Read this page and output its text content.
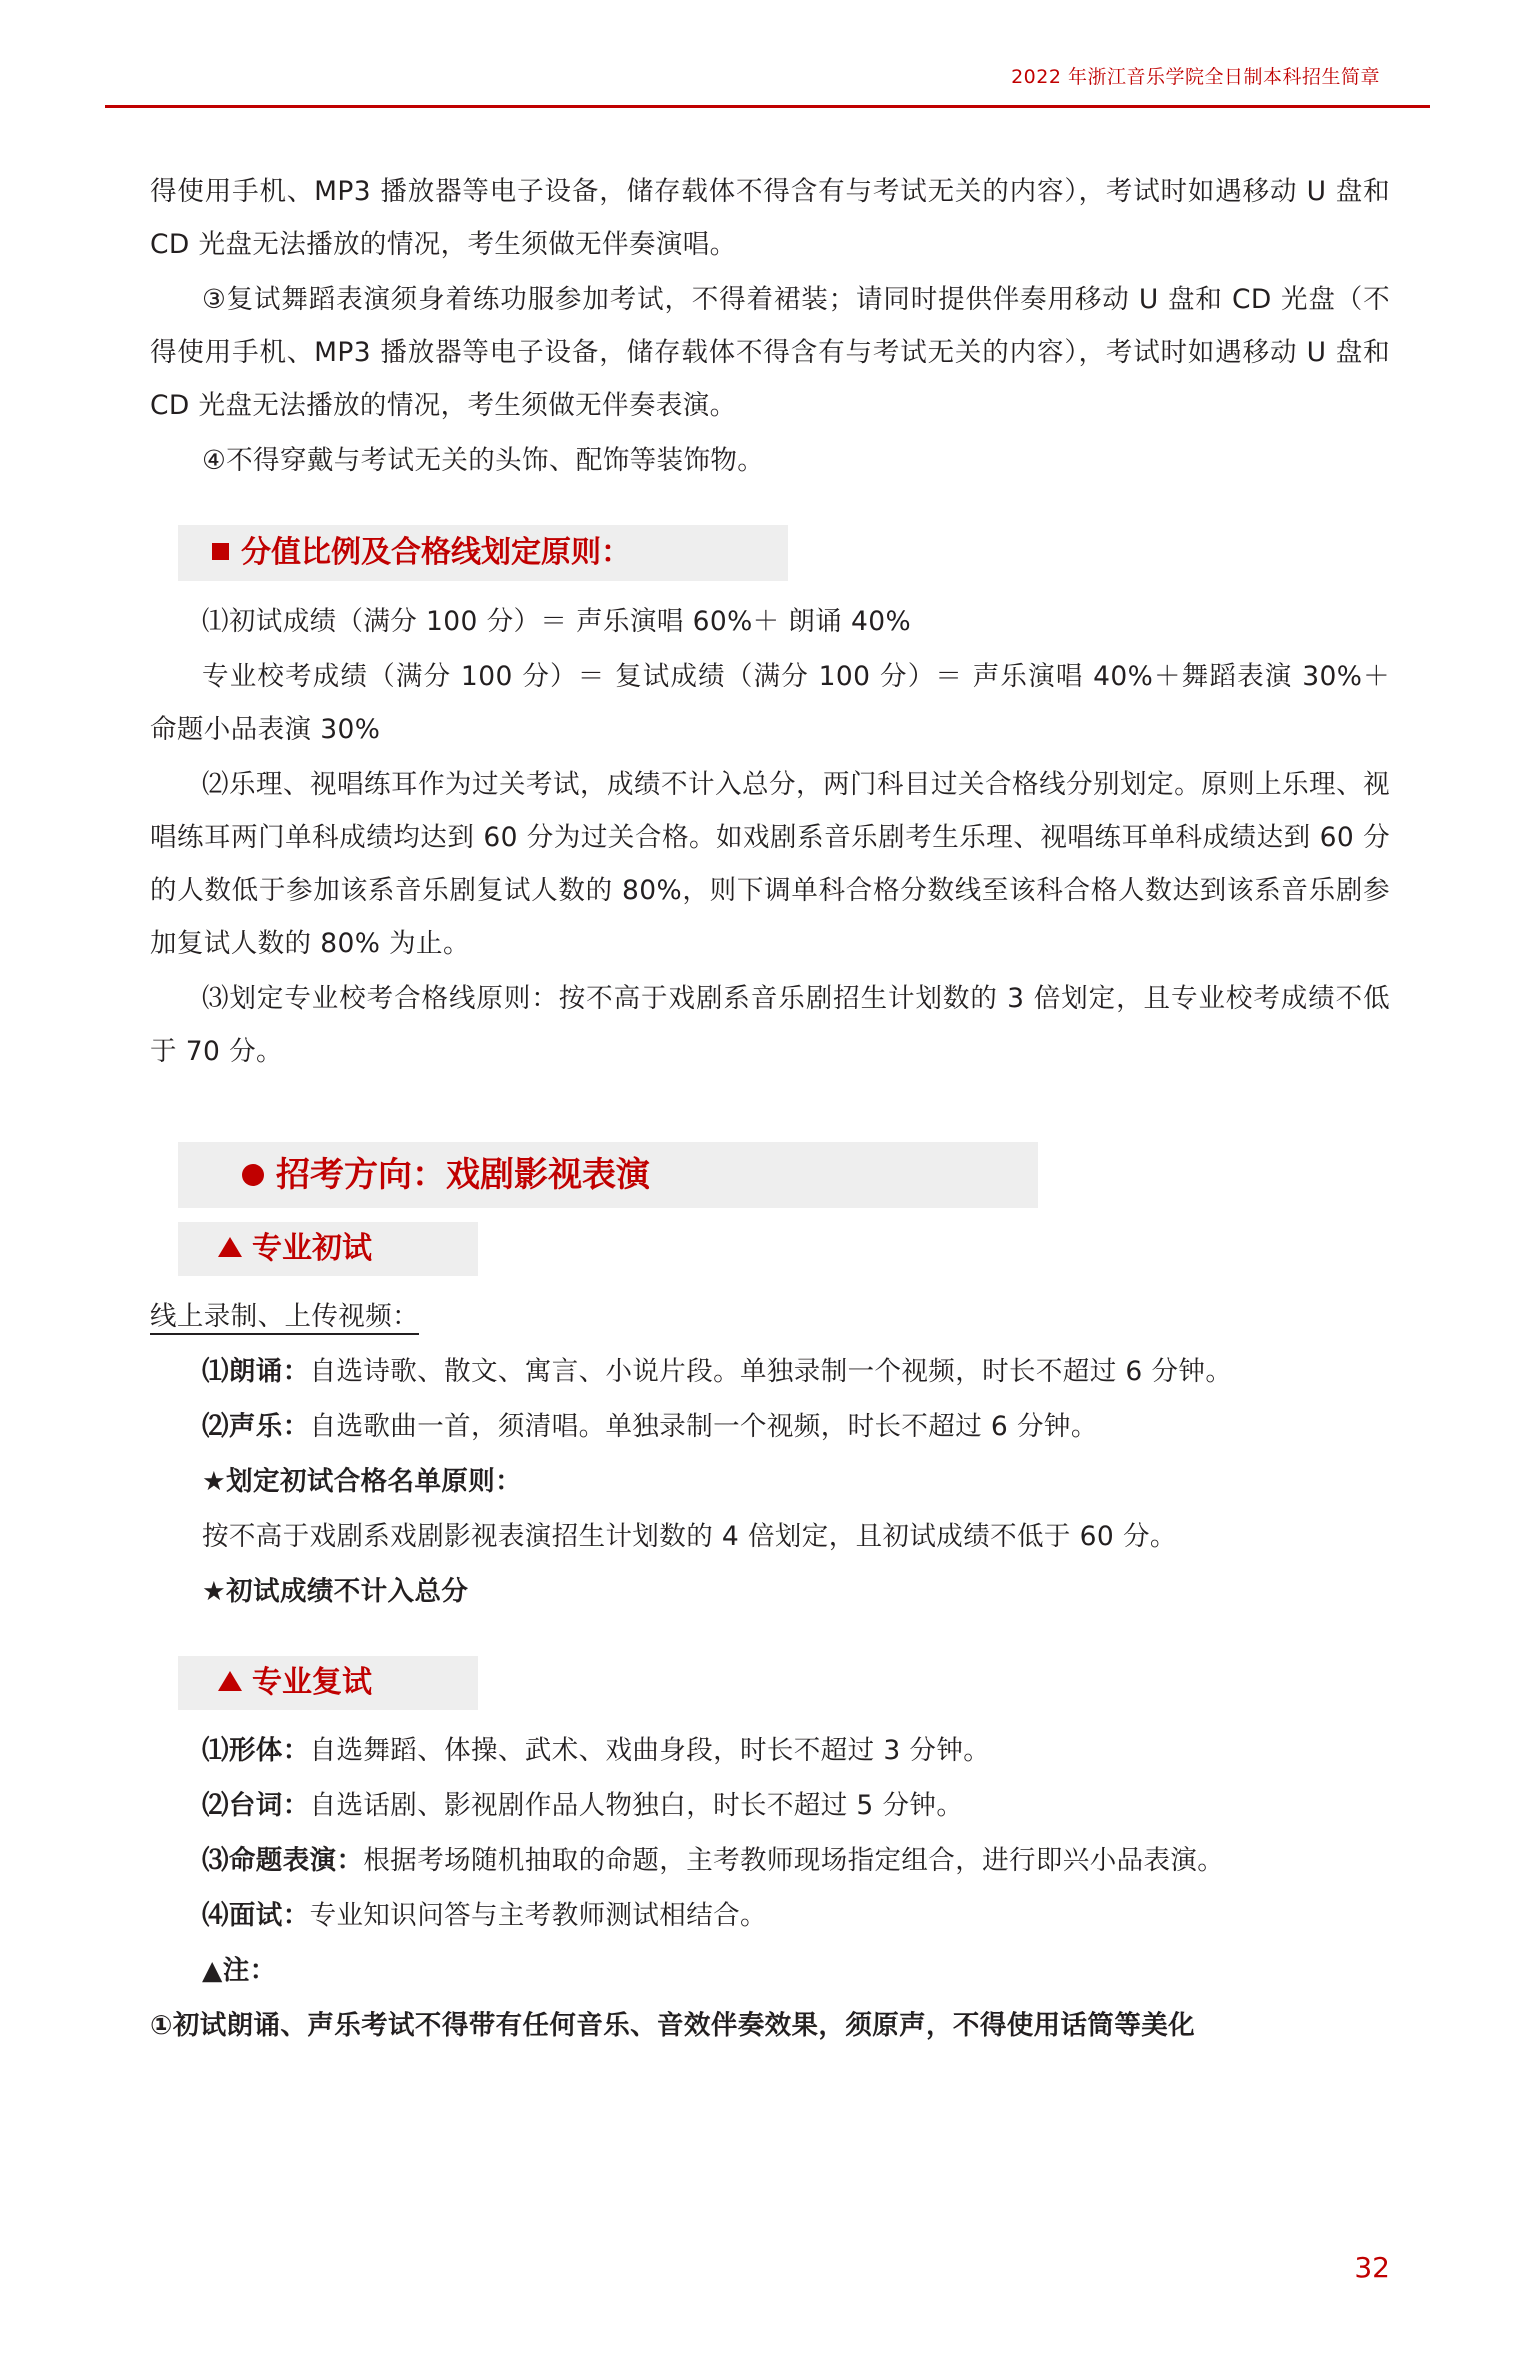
2022 年浙江音乐学院全日制本科招生简章

得使用手机、MP3 播放器等电子设备，储存载体不得含有与考试无关的内容），考试时如遇移动 U 盘和 CD 光盘无法播放的情况，考生须做无伴奏演唱。

③复试舞蹈表演须身着练功服参加考试，不得着裙装；请同时提供伴奏用移动 U 盘和 CD 光盘（不得使用手机、MP3 播放器等电子设备，储存载体不得含有与考试无关的内容），考试时如遇移动 U 盘和 CD 光盘无法播放的情况，考生须做无伴奏表演。

④不得穿戴与考试无关的头饰、配饰等装饰物。

分值比例及合格线划定原则：

⑴初试成绩（满分 100 分）＝ 声乐演唱 60%＋ 朗诵 40%

专业校考成绩（满分 100 分）＝ 复试成绩（满分 100 分）＝ 声乐演唱 40%＋舞蹈表演 30%＋ 命题小品表演 30%

⑵乐理、视唱练耳作为过关考试，成绩不计入总分，两门科目过关合格线分别划定。原则上乐理、视唱练耳两门单科成绩均达到 60 分为过关合格。如戏剧系音乐剧考生乐理、视唱练耳单科成绩达到 60 分的人数低于参加该系音乐剧复试人数的 80%，则下调单科合格分数线至该科合格人数达到该系音乐剧参加复试人数的 80% 为止。

⑶划定专业校考合格线原则：按不高于戏剧系音乐剧招生计划数的 3 倍划定，且专业校考成绩不低于 70 分。

招考方向：戏剧影视表演
专业初试

线上录制、上传视频：

⑴朗诵：自选诗歌、散文、寓言、小说片段。单独录制一个视频，时长不超过 6 分钟。

⑵声乐：自选歌曲一首，须清唱。单独录制一个视频，时长不超过 6 分钟。

★划定初试合格名单原则：

按不高于戏剧系戏剧影视表演招生计划数的 4 倍划定，且初试成绩不低于 60 分。

★初试成绩不计入总分

专业复试

⑴形体：自选舞蹈、体操、武术、戏曲身段，时长不超过 3 分钟。

⑵台词：自选话剧、影视剧作品人物独白，时长不超过 5 分钟。

⑶命题表演：根据考场随机抽取的命题，主考教师现场指定组合，进行即兴小品表演。

⑷面试：专业知识问答与主考教师测试相结合。

▲注：

①初试朗诵、声乐考试不得带有任何音乐、音效伴奏效果，须原声，不得使用话筒等美化

32
